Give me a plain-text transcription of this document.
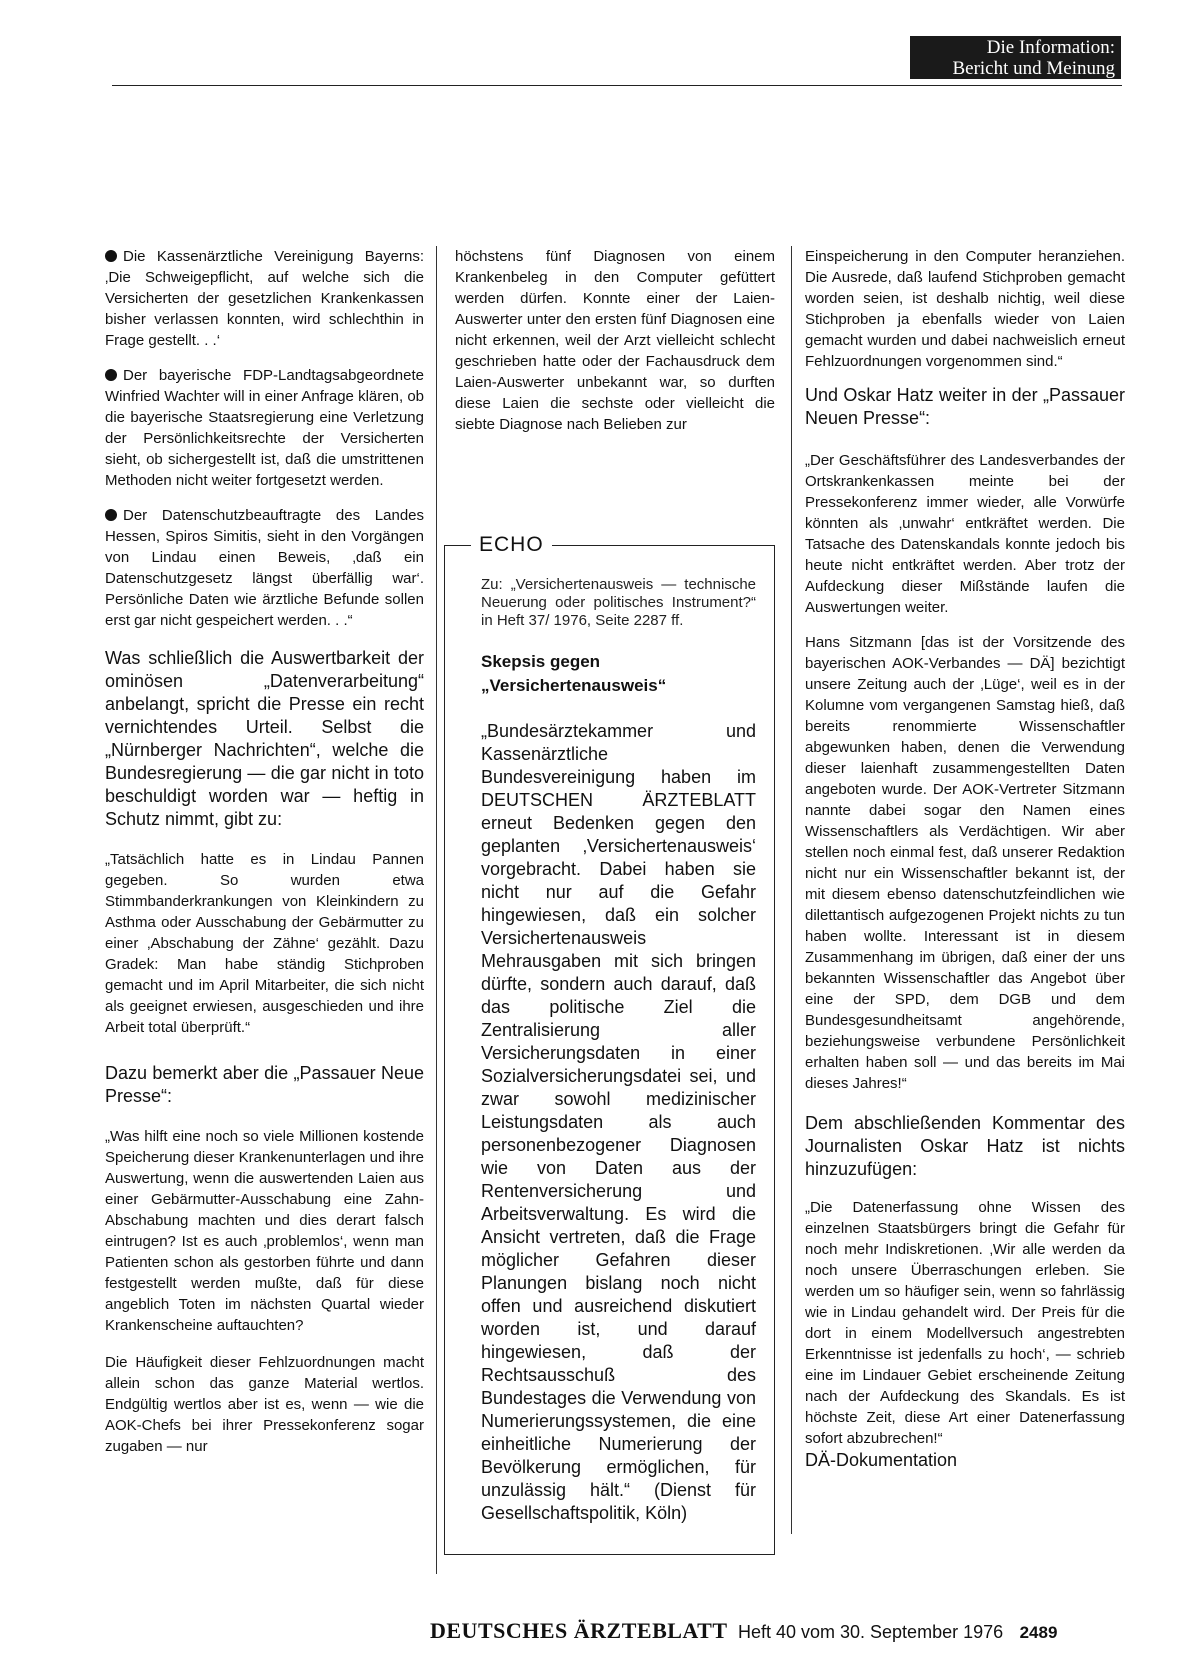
Die Information:
Bericht und Meinung

Die Kassenärztliche Vereinigung Bayerns: ‚Die Schweigepflicht, auf welche sich die Versicherten der gesetzlichen Krankenkassen bisher verlassen konnten, wird schlechthin in Frage gestellt. . .‘

Der bayerische FDP-Landtagsabgeordnete Winfried Wachter will in einer Anfrage klären, ob die bayerische Staatsregierung eine Verletzung der Persönlichkeitsrechte der Versicherten sieht, ob sichergestellt ist, daß die umstrittenen Methoden nicht weiter fortgesetzt werden.

Der Datenschutzbeauftragte des Landes Hessen, Spiros Simitis, sieht in den Vorgängen von Lindau einen Beweis, ‚daß ein Datenschutzgesetz längst überfällig war‘. Persönliche Daten wie ärztliche Befunde sollen erst gar nicht gespeichert werden. . .“

Was schließlich die Auswertbarkeit der ominösen „Datenverarbeitung“ anbelangt, spricht die Presse ein recht vernichtendes Urteil. Selbst die „Nürnberger Nachrichten“, welche die Bundesregierung — die gar nicht in toto beschuldigt worden war — heftig in Schutz nimmt, gibt zu:

„Tatsächlich hatte es in Lindau Pannen gegeben. So wurden etwa Stimmbanderkrankungen von Kleinkindern zu Asthma oder Ausschabung der Gebärmutter zu einer ‚Abschabung der Zähne‘ gezählt. Dazu Gradek: Man habe ständig Stichproben gemacht und im April Mitarbeiter, die sich nicht als geeignet erwiesen, ausgeschieden und ihre Arbeit total überprüft.“

Dazu bemerkt aber die „Passauer Neue Presse“:

„Was hilft eine noch so viele Millionen kostende Speicherung dieser Krankenunterlagen und ihre Auswertung, wenn die auswertenden Laien aus einer Gebärmutter-Ausschabung eine Zahn-Abschabung machten und dies derart falsch eintrugen? Ist es auch ‚problemlos‘, wenn man Patienten schon als gestorben führte und dann festgestellt werden mußte, daß für diese angeblich Toten im nächsten Quartal wieder Krankenscheine auftauchten?

Die Häufigkeit dieser Fehlzuordnungen macht allein schon das ganze Material wertlos. Endgültig wertlos aber ist es, wenn — wie die AOK-Chefs bei ihrer Pressekonferenz sogar zugaben — nur

höchstens fünf Diagnosen von einem Krankenbeleg in den Computer gefüttert werden dürfen. Konnte einer der Laien-Auswerter unter den ersten fünf Diagnosen eine nicht erkennen, weil der Arzt vielleicht schlecht geschrieben hatte oder der Fachausdruck dem Laien-Auswerter unbekannt war, so durften diese Laien die sechste oder vielleicht die siebte Diagnose nach Belieben zur

ECHO

Zu: „Versichertenausweis — technische Neuerung oder politisches Instrument?“ in Heft 37/ 1976, Seite 2287 ff.

Skepsis gegen
„Versichertenausweis“

„Bundesärztekammer und Kassenärztliche Bundesvereinigung haben im DEUTSCHEN ÄRZTEBLATT erneut Bedenken gegen den geplanten ‚Versichertenausweis‘ vorgebracht. Dabei haben sie nicht nur auf die Gefahr hingewiesen, daß ein solcher Versichertenausweis Mehrausgaben mit sich bringen dürfte, sondern auch darauf, daß das politische Ziel die Zentralisierung aller Versicherungsdaten in einer Sozialversicherungsdatei sei, und zwar sowohl medizinischer Leistungsdaten als auch personenbezogener Diagnosen wie von Daten aus der Rentenversicherung und Arbeitsverwaltung. Es wird die Ansicht vertreten, daß die Frage möglicher Gefahren dieser Planungen bislang noch nicht offen und ausreichend diskutiert worden ist, und darauf hingewiesen, daß der Rechtsausschuß des Bundestages die Verwendung von Numerierungssystemen, die eine einheitliche Numerierung der Bevölkerung ermöglichen, für unzulässig hält.“ (Dienst für Gesellschaftspolitik, Köln)

Einspeicherung in den Computer heranziehen. Die Ausrede, daß laufend Stichproben gemacht worden seien, ist deshalb nichtig, weil diese Stichproben ja ebenfalls wieder von Laien gemacht wurden und dabei nachweislich erneut Fehlzuordnungen vorgenommen sind.“

Und Oskar Hatz weiter in der „Passauer Neuen Presse“:

„Der Geschäftsführer des Landesverbandes der Ortskrankenkassen meinte bei der Pressekonferenz immer wieder, alle Vorwürfe könnten als ‚unwahr‘ entkräftet werden. Die Tatsache des Datenskandals konnte jedoch bis heute nicht entkräftet werden. Aber trotz der Aufdeckung dieser Mißstände laufen die Auswertungen weiter.

Hans Sitzmann [das ist der Vorsitzende des bayerischen AOK-Verbandes — DÄ] bezichtigt unsere Zeitung auch der ‚Lüge‘, weil es in der Kolumne vom vergangenen Samstag hieß, daß bereits renommierte Wissenschaftler abgewunken haben, denen die Verwendung dieser laienhaft zusammengestellten Daten angeboten wurde. Der AOK-Vertreter Sitzmann nannte dabei sogar den Namen eines Wissenschaftlers als Verdächtigen. Wir aber stellen noch einmal fest, daß unserer Redaktion nicht nur ein Wissenschaftler bekannt ist, der mit diesem ebenso datenschutzfeindlichen wie dilettantisch aufgezogenen Projekt nichts zu tun haben wollte. Interessant ist in diesem Zusammenhang im übrigen, daß einer der uns bekannten Wissenschaftler das Angebot über eine der SPD, dem DGB und dem Bundesgesundheitsamt angehörende, beziehungsweise verbundene Persönlichkeit erhalten haben soll — und das bereits im Mai dieses Jahres!“

Dem abschließenden Kommentar des Journalisten Oskar Hatz ist nichts hinzuzufügen:

„Die Datenerfassung ohne Wissen des einzelnen Staatsbürgers bringt die Gefahr für noch mehr Indiskretionen. ‚Wir alle werden da noch unsere Überraschungen erleben. Sie werden um so häufiger sein, wenn so fahrlässig wie in Lindau gehandelt wird. Der Preis für die dort in einem Modellversuch angestrebten Erkenntnisse ist jedenfalls zu hoch‘, — schrieb eine im Lindauer Gebiet erscheinende Zeitung nach der Aufdeckung des Skandals. Es ist höchste Zeit, diese Art einer Datenerfassung sofort abzubrechen!“

DÄ-Dokumentation

DEUTSCHES ÄRZTEBLATT Heft 40 vom 30. September 1976 2489
